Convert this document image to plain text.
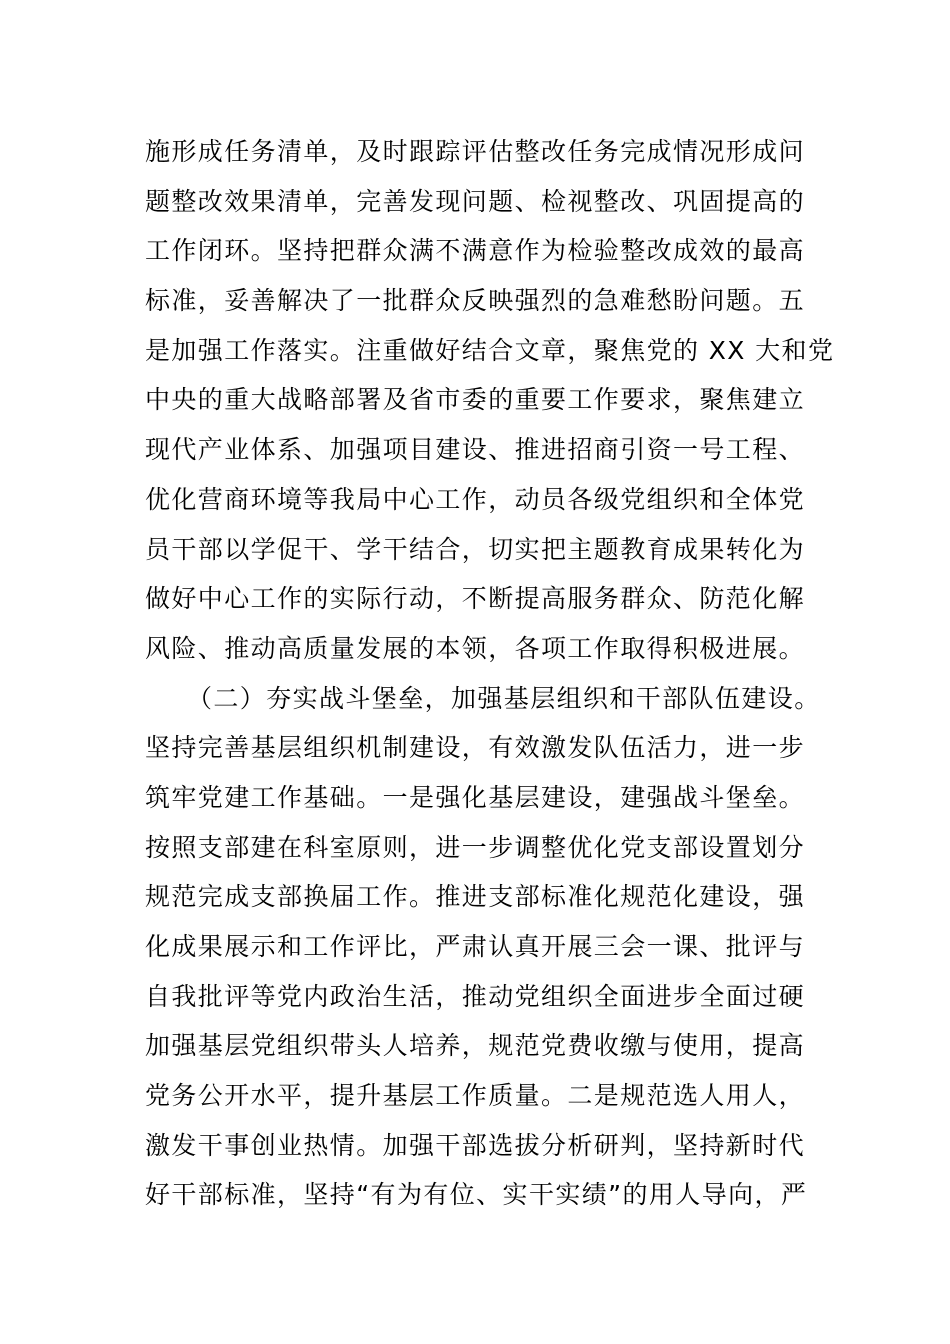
施形成任务清单，及时跟踪评估整改任务完成情况形成问
题整改效果清单，完善发现问题、检视整改、巩固提高的
工作闭环。坚持把群众满不满意作为检验整改成效的最高
标准，妥善解决了一批群众反映强烈的急难愁盼问题。五
是加强工作落实。注重做好结合文章，聚焦党的 XX 大和党
中央的重大战略部署及省市委的重要工作要求，聚焦建立
现代产业体系、加强项目建设、推进招商引资一号工程、
优化营商环境等我局中心工作，动员各级党组织和全体党
员干部以学促干、学干结合，切实把主题教育成果转化为
做好中心工作的实际行动，不断提高服务群众、防范化解
风险、推动高质量发展的本领，各项工作取得积极进展。
（二）夯实战斗堡垒，加强基层组织和干部队伍建设。
坚持完善基层组织机制建设，有效激发队伍活力，进一步
筑牢党建工作基础。一是强化基层建设，建强战斗堡垒。
按照支部建在科室原则，进一步调整优化党支部设置划分
规范完成支部换届工作。推进支部标准化规范化建设，强
化成果展示和工作评比，严肃认真开展三会一课、批评与
自我批评等党内政治生活，推动党组织全面进步全面过硬
加强基层党组织带头人培养，规范党费收缴与使用，提高
党务公开水平，提升基层工作质量。二是规范选人用人，
激发干事创业热情。加强干部选拔分析研判，坚持新时代
好干部标准，坚持“有为有位、实干实绩”的用人导向，严
